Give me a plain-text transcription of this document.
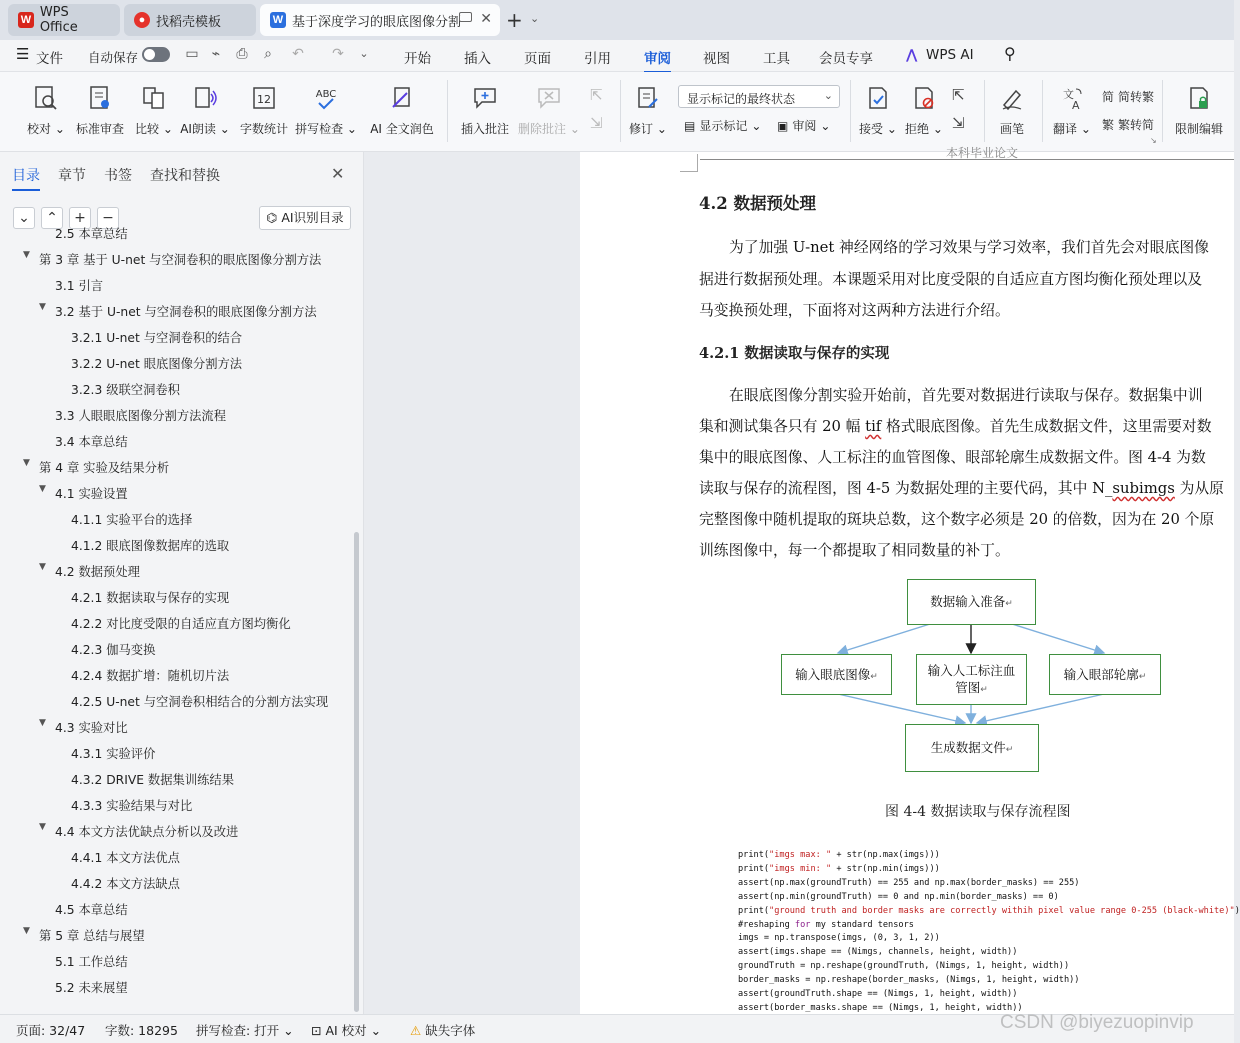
W WPS Office	● 找稻壳模板	W 基于深度学习的眼底图像分割 ✕ + ⌄
☰ 文件 自动保存	开始 插入 页面 引用 审阅 视图 工具 会员专享 ⋀ WPS AI ⚲
▭ ⌁ ⎙ ⌕ ↶ ↷	⌄
校对 ⌄ 标准审查 比较 ⌄ AI朗读 ⌄
12
字数统计
ABC
拼写检查 ⌄ AI 全文润色 插入批注 删除批注 ⌄
⇱
⇲ 修订 ⌄
显示标记的最终状态	⌄
▤ 显示标记 ⌄ ▣ 审阅 ⌄ 接受 ⌄ 拒绝 ⌄
⇱
⇲	画笔
文
A
翻译 ⌄
简 简转繁
繁 繁转简
↘
限制编辑
目录 章节 书签 查找和替换	✕
⌄	⌃	+	−	⌬ AI识别目录
2.5 本章总结
▼ 第 3 章 基于 U-net 与空洞卷积的眼底图像分割方法
3.1 引言
▼ 3.2 基于 U-net 与空洞卷积的眼底图像分割方法
3.2.1 U-net 与空洞卷积的结合
3.2.2 U-net 眼底图像分割方法
3.2.3 级联空洞卷积
3.3 人眼眼底图像分割方法流程
3.4 本章总结
▼ 第 4 章 实验及结果分析
▼ 4.1 实验设置
4.1.1 实验平台的选择
4.1.2 眼底图像数据库的选取
▼ 4.2 数据预处理
4.2.1 数据读取与保存的实现
4.2.2 对比度受限的自适应直方图均衡化
4.2.3 伽马变换
4.2.4 数据扩增：随机切片法
4.2.5 U-net 与空洞卷积相结合的分割方法实现
▼ 4.3 实验对比
4.3.1 实验评价
4.3.2 DRIVE 数据集训练结果
4.3.3 实验结果与对比
▼ 4.4 本文方法优缺点分析以及改进
4.4.1 本文方法优点
4.4.2 本文方法缺点
4.5 本章总结
▼ 第 5 章 总结与展望
5.1 工作总结
5.2 未来展望
本科毕业论文
4.2 数据预处理
为了加强 U-net 神经网络的学习效果与学习效率，我们首先会对眼底图像
据进行数据预处理。本课题采用对比度受限的自适应直方图均衡化预处理以及
马变换预处理，下面将对这两种方法进行介绍。
4.2.1 数据读取与保存的实现
在眼底图像分割实验开始前，首先要对数据进行读取与保存。数据集中训
集和测试集各只有 20 幅 tif 格式眼底图像。首先生成数据文件，这里需要对数
集中的眼底图像、人工标注的血管图像、眼部轮廓生成数据文件。图 4-4 为数
读取与保存的流程图，图 4-5 为数据处理的主要代码，其中 N_subimgs 为从原
完整图像中随机提取的斑块总数，这个数字必须是 20 的倍数，因为在 20 个原
训练图像中，每一个都提取了相同数量的补丁。
数据输入准备↵
输入眼底图像↵	输入人工标注血管图↵
输入眼部轮廓↵
生成数据文件↵
图 4-4 数据读取与保存流程图
print("imgs max: " + str(np.max(imgs)))
print("imgs min: " + str(np.min(imgs)))
assert(np.max(groundTruth) == 255 and np.max(border_masks) == 255)
assert(np.min(groundTruth) == 0 and np.min(border_masks) == 0)
print("ground truth and border masks are correctly withih pixel value range 0-255 (black-white)")
#reshaping for my standard tensors
imgs = np.transpose(imgs, (0, 3, 1, 2))
assert(imgs.shape == (Nimgs, channels, height, width))
groundTruth = np.reshape(groundTruth, (Nimgs, 1, height, width))
border_masks = np.reshape(border_masks, (Nimgs, 1, height, width))
assert(groundTruth.shape == (Nimgs, 1, height, width))
assert(border_masks.shape == (Nimgs, 1, height, width))
页面: 32/47 字数: 18295 拼写检查: 打开 ⌄ ⊡ AI 校对 ⌄ ⚠ 缺失字体	CSDN @biyezuopinvip
